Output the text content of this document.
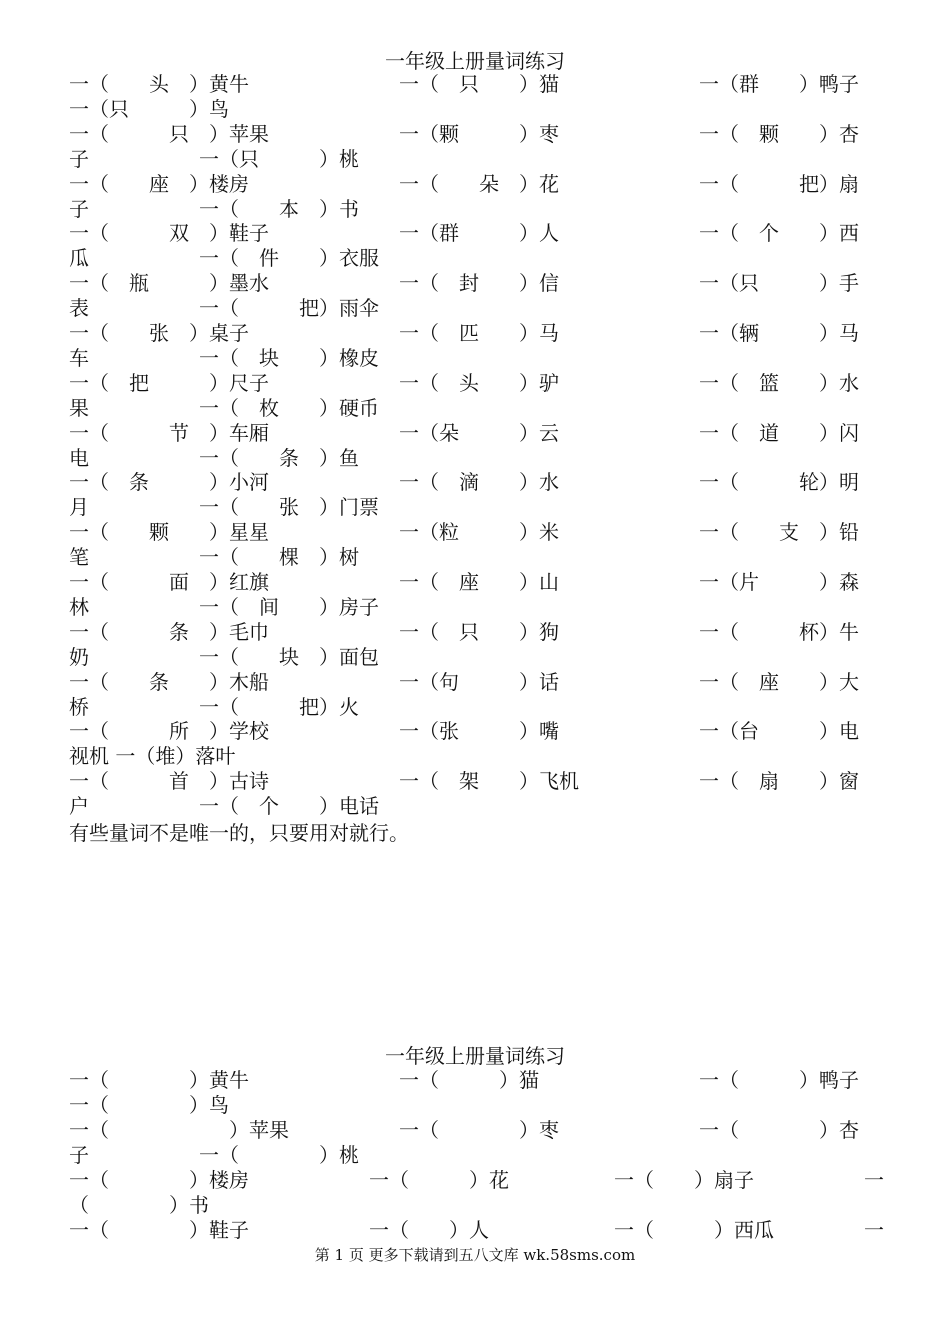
一年级上册量词练习
一（　　头　）黄牛	一（　只　　）猫	一（群　　）鸭子
一（只　　　）鸟
一（　　　只　）苹果	一（颗　　　）枣	一（　颗　　）杏
子	一（只　　　）桃
一（　　座　）楼房	一（　　朵　）花	一（　　　把）扇
子	一（　　本　）书
一（　　　双　）鞋子	一（群　　　）人	一（　个　　）西
瓜	一（　件　　）衣服
一（　瓶　　　）墨水	一（　封　　）信	一（只　　　）手
表	一（　　　把）雨伞
一（　　张　）桌子	一（　匹　　）马	一（辆　　　）马
车	一（　块　　）橡皮
一（　把　　　）尺子	一（　头　　）驴	一（　篮　　）水
果	一（　枚　　）硬币
一（　　　节　）车厢	一（朵　　　）云	一（　道　　）闪
电	一（　　条　）鱼
一（　条　　　）小河	一（　滴　　）水	一（　　　轮）明
月	一（　　张　）门票
一（　　颗　　）星星	一（粒　　　）米	一（　　支　）铅
笔	一（　　棵　）树
一（　　　面　）红旗	一（　座　　）山	一（片　　　）森
林	一（　间　　）房子
一（　　　条　）毛巾	一（　只　　）狗	一（　　　杯）牛
奶	一（　　块　）面包
一（　　条　　）木船	一（句　　　）话	一（　座　　）大
桥	一（　　　把）火
一（　　　所　）学校	一（张　　　）嘴	一（台　　　）电
视机 一（堆）落叶
一（　　　首　）古诗	一（　架　　）飞机	一（　扇　　）窗
户	一（　个　　）电话
有些量词不是唯一的，只要用对就行。
一年级上册量词练习
一（　　　　）黄牛	一（　　　）猫	一（　　　）鸭子
一（　　　　）鸟
一（　　　　　　）苹果	一（　　　　）枣	一（　　　　）杏
子	一（　　　　）桃
一（　　　　）楼房	一（　　　）花	一（　　）扇子	一
（　　　　）书
一（　　　　）鞋子	一（　　）人	一（　　　）西瓜	一
第 1 页 更多下载请到五八文库 wk.58sms.com
